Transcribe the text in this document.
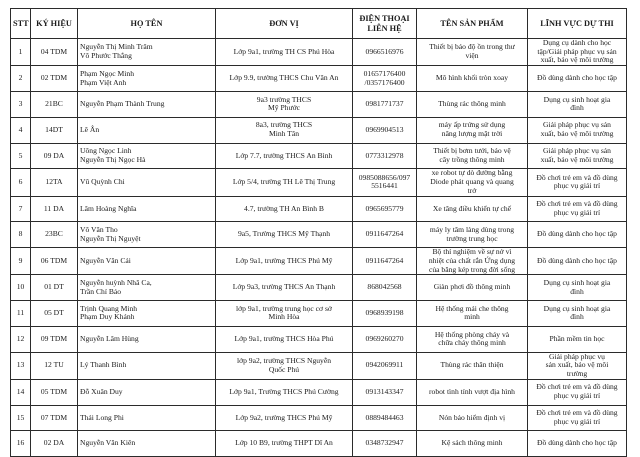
STT	KÝ HIỆU	HỌ TÊN	ĐƠN VỊ	ĐIỆN THOẠI LIÊN HỆ	TÊN SẢN PHẨM	LĨNH VỰC DỰ THI
1	04 TDM	Nguyễn Thị Minh Trâm
Võ Phước Thắng	Lớp 9a1, trường TH CS Phú Hòa	0966516976	Thiết bị báo độ ồn trong thư
viện	Dụng cụ dành cho học
tập/Giải pháp phục vụ sản
xuất, bảo vệ môi trường

2	02 TDM	Phạm Ngọc Minh
Phạm Việt Anh	Lớp 9.9, trường THCS Chu Văn An	01657176400
/0357176400	Mô hình khối tròn xoay	Đồ dùng dành cho học tập

3	21BC	Nguyễn Phạm Thành Trung	9a3 trường THCS
Mỹ Phước	0981771737	Thùng rác thông minh	Dụng cụ sinh hoạt gia
đình

4	14DT	Lê Ân	8a3, trường THCS
Minh Tân	0969904513	máy ấp trứng sử dụng
năng lượng mặt trời	Giải pháp phục vụ sản
xuất, bảo vệ môi trường

5	09 DA	Uông Ngọc Linh
Nguyễn Thị Ngọc Hà	Lớp 7.7, trường THCS An Bình	0773312978	Thiết bị bơm tưới, báo vệ
cây trồng thông minh	Giải pháp phục vụ sản
xuất, bảo vệ môi trường

6	12TA	Vũ Quỳnh Chi	Lớp 5/4, trường TH Lê Thị Trung	0985088656/097
5516441	xe robot tự dò đường bằng
Diode phát quang và quang
trở	Đồ chơi trẻ em và đồ dùng
phục vụ giải trí

7	11 DA	Lâm Hoàng Nghĩa	4.7, trường TH An Bình B	0965695779	Xe tăng điều khiển tự chế	Đồ chơi trẻ em và đồ dùng
phục vụ giải trí

8	23BC	Võ Văn Tho
Nguyễn Thị Nguyệt	9a5, Trường THCS Mỹ Thạnh	0911647264	máy ly tâm làng dùng trong
trường trung học	Đồ dùng dành cho học tập

9	06 TDM	Nguyễn Văn Cải	Lớp 9a1, trường THCS Phú Mỹ	0911647264	Bộ thí nghiệm về sự nở vì
nhiệt của chất rắn Ứng dụng
của băng kép trong đời sống	Đồ dùng dành cho học tập

10	01 DT	Nguyễn huỳnh Nhã Ca,
Trần Chí Bảo	Lớp 9a3, trường THCS An Thạnh	868042568	Giàn phơi đồ thông minh	Dụng cụ sinh hoạt gia
đình

11	05 DT	Trịnh Quang Minh
Phạm Duy Khánh	lớp 9a1, trường trung học cơ sở
Minh Hòa	0968939198	Hệ thống mái che thông
minh	Dụng cụ sinh hoạt gia
đình

12	09 TDM	Nguyễn Lâm Hùng	Lớp 9a1, trường THCS Hòa Phú	0969260270	Hệ thống phòng cháy và
chữa cháy thông minh	Phần mềm tin học

13	12 TU	Lý Thanh Bình	lớp 9a2, trường THCS Nguyễn
Quốc Phú	0942069911	Thùng rác thân thiện	Giải pháp phục vụ
sản xuất, bảo vệ môi
trường

14	05 TDM	Đỗ Xuân Duy	Lớp 9a1, Trường THCS Phú Cường	0913143347	robot tình tính vượt địa hình	Đồ chơi trẻ em và đồ dùng
phục vụ giải trí

15	07 TDM	Thái Long Phi	Lớp 9a2, trường THCS Phú Mỹ	0889484463	Nón bảo hiểm định vị	Đồ chơi trẻ em và đồ dùng
phục vụ giải trí

16	02 DA	Nguyễn Văn Kiên	Lớp 10 B9, trường THPT Dĩ An	0348732947	Kệ sách thông minh	Đồ dùng dành cho học tập
